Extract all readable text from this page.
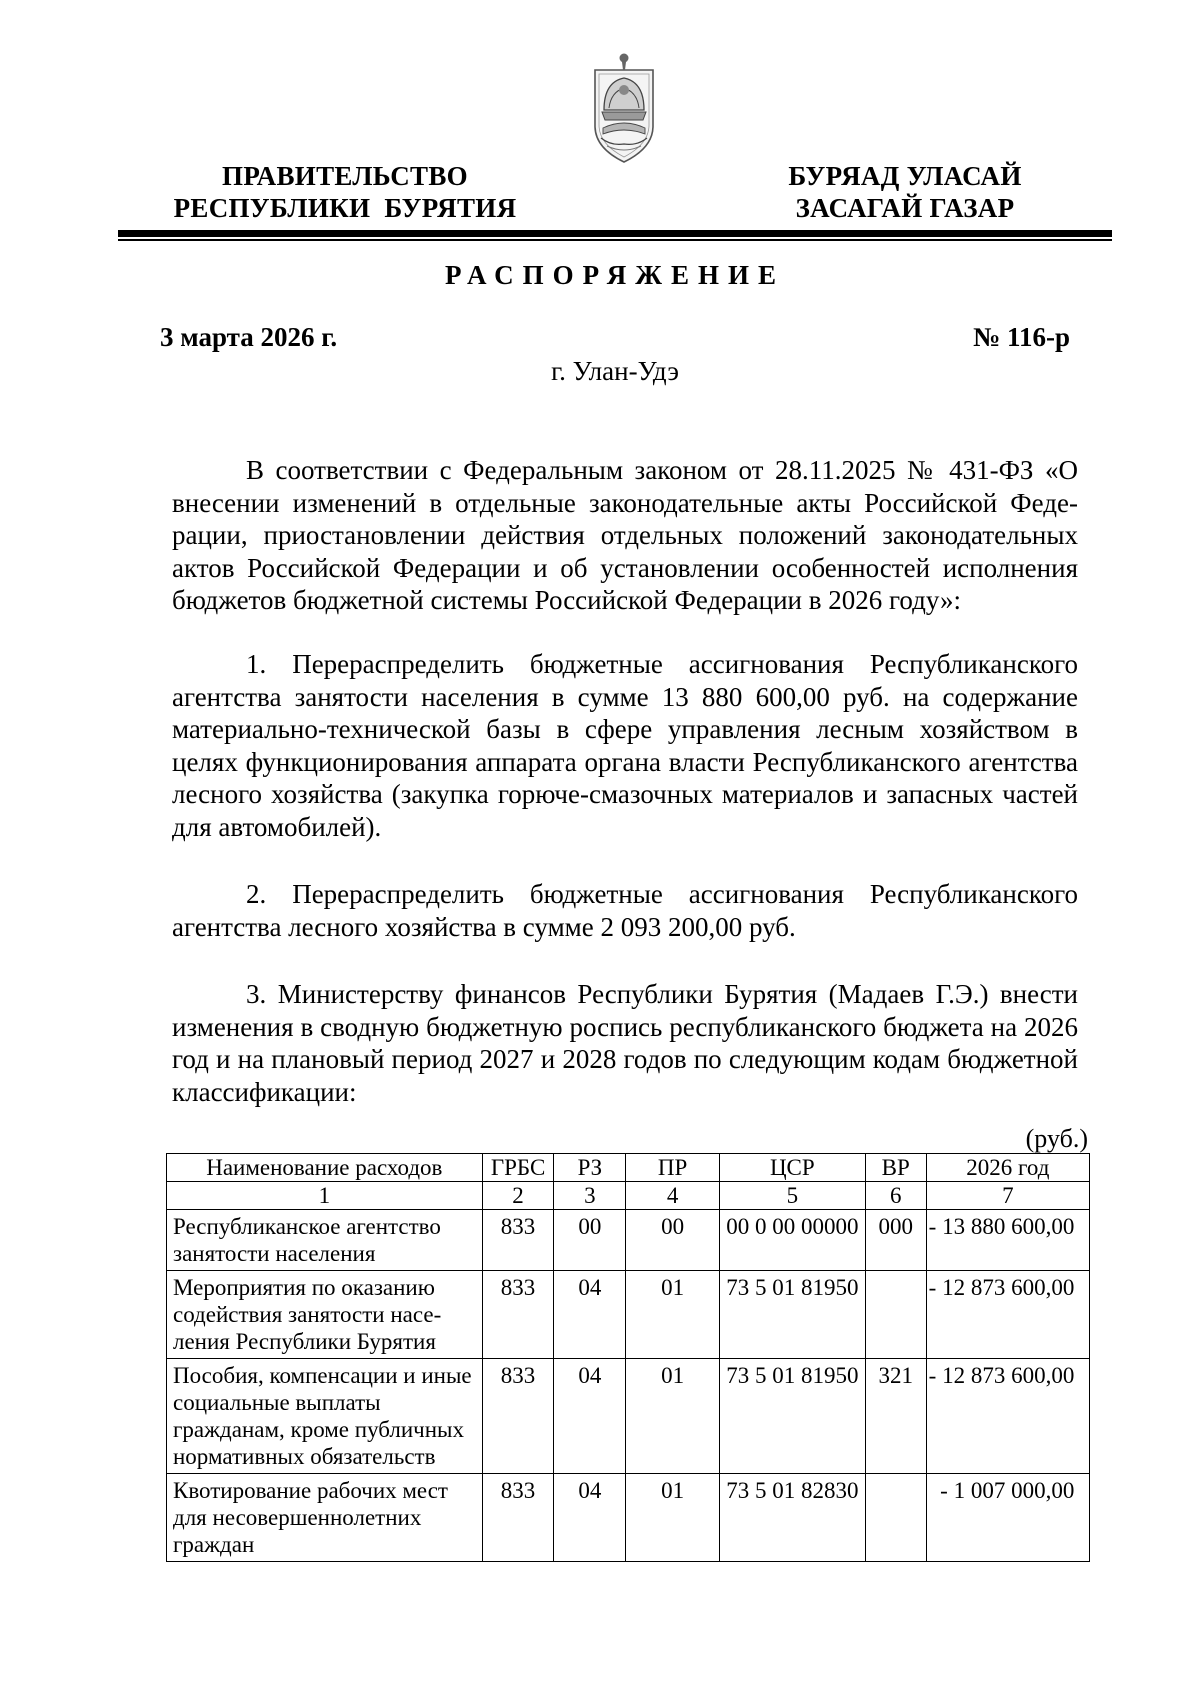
ПРАВИТЕЛЬСТВО
РЕСПУБЛИКИ  БУРЯТИЯ
БУРЯАД УЛАСАЙ
ЗАСАГАЙ ГАЗАР
РАСПОРЯЖЕНИЕ
3 марта 2026 г.	№ 116-р
г. Улан-Удэ

В соответствии с Федеральным законом от 28.11.2025 № 431-ФЗ «О внесении изменений в отдельные законодательные акты Российской Федерации, приостановлении действия отдельных положений законодательных актов Российской Федерации и об установлении особенностей исполнения бюджетов бюджетной системы Российской Федерации в 2026 году»:

1. Перераспределить бюджетные ассигнования Республиканского агентства занятости населения в сумме 13 880 600,00 руб. на содержание материально-технической базы в сфере управления лесным хозяйством в целях функционирования аппарата органа власти Республиканского агентства лесного хозяйства (закупка горюче-смазочных материалов и запасных частей для автомобилей).

2. Перераспределить бюджетные ассигнования Республиканского агентства лесного хозяйства в сумме 2 093 200,00 руб.

3. Министерству финансов Республики Бурятия (Мадаев Г.Э.) внести изменения в сводную бюджетную роспись республиканского бюджета на 2026 год и на плановый период 2027 и 2028 годов по следующим кодам бюджетной классификации:

(руб.)
Наименование расходов	ГРБС	РЗ	ПР	ЦСР	ВР	2026 год
1	2	3	4	5	6	7
Республиканское агентство занятости населения	833	00	00	00 0 00 00000	000	- 13 880 600,00
Мероприятия по оказанию содействия занятости населения Республики Бурятия	833	04	01	73 5 01 81950		- 12 873 600,00
Пособия, компенсации и иные социальные выплаты гражданам, кроме публичных нормативных обязательств	833	04	01	73 5 01 81950	321	- 12 873 600,00
Квотирование рабочих мест для несовершеннолетних граждан	833	04	01	73 5 01 82830		- 1 007 000,00
